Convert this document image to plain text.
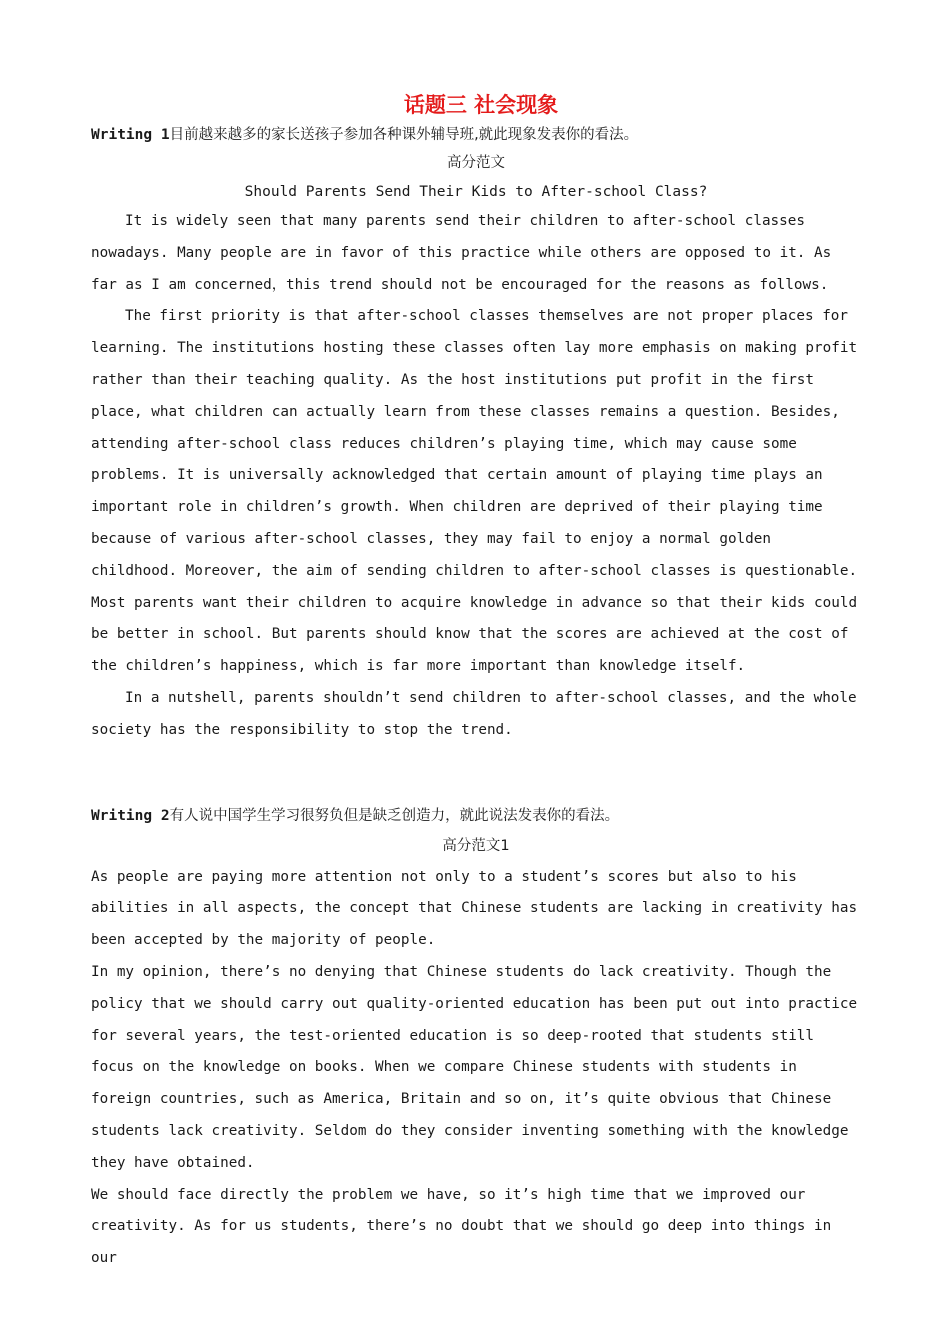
话题三 社会现象
Writing 1目前越来越多的家长送孩子参加各种课外辅导班,就此现象发表你的看法。
高分范文
Should Parents Send Their Kids to After-school Class?

It is widely seen that many parents send their children to after-school classes nowadays. Many people are in favor of this practice while others are opposed to it. As far as I am concerned，this trend should not be encouraged for the reasons as follows.

The first priority is that after-school classes themselves are not proper places for learning. The institutions hosting these classes often lay more emphasis on making profit rather than their teaching quality. As the host institutions put profit in the first place, what children can actually learn from these classes remains a question. Besides, attending after-school class reduces children’s playing time, which may cause some problems. It is universally acknowledged that certain amount of playing time plays an important role in children’s growth. When children are deprived of their playing time because of various after-school classes, they may fail to enjoy a normal golden childhood. Moreover, the aim of sending children to after-school classes is questionable. Most parents want their children to acquire knowledge in advance so that their kids could be better in school. But parents should know that the scores are achieved at the cost of the children’s happiness, which is far more important than knowledge itself.

In a nutshell, parents shouldn’t send children to after-school classes, and the whole society has the responsibility to stop the trend.

Writing 2有人说中国学生学习很努负但是缺乏创造力，就此说法发表你的看法。
高分范文1

As people are paying more attention not only to a student’s scores but also to his abilities in all aspects, the concept that Chinese students are lacking in creativity has been accepted by the majority of people.

In my opinion, there’s no denying that Chinese students do lack creativity. Though the policy that we should carry out quality-oriented education has been put out into practice for several years, the test-oriented education is so deep-rooted that students still focus on the knowledge on books. When we compare Chinese students with students in foreign countries, such as America, Britain and so on, it’s quite obvious that Chinese students lack creativity. Seldom do they consider inventing something with the knowledge they have obtained.

We should face directly the problem we have, so it’s high time that we improved our creativity. As for us students, there’s no doubt that we should go deep into things in our
